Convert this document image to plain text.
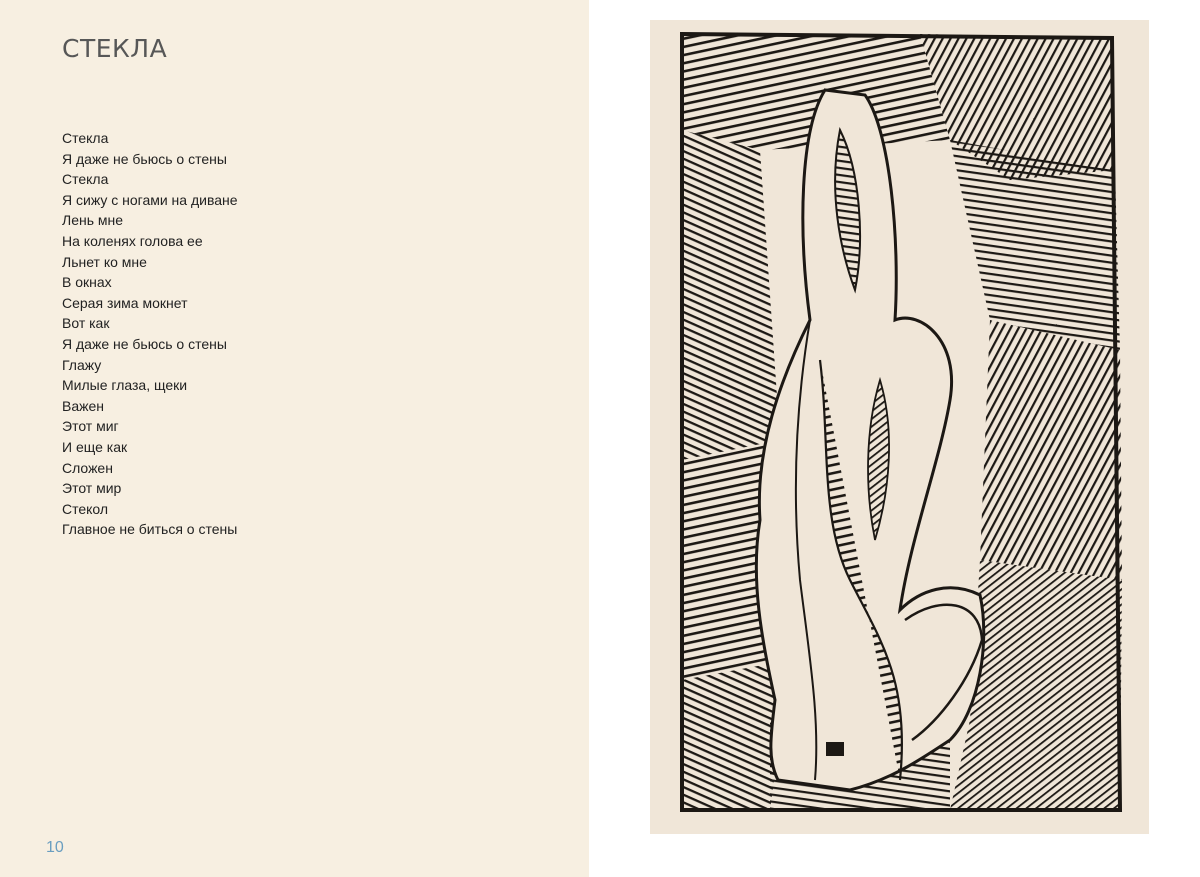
СТЕКЛА
Стекла
Я даже не бьюсь о стены
Стекла
Я сижу с ногами на диване
Лень мне
На коленях голова ее
Льнет ко мне
В окнах
Серая зима мокнет
Вот как
Я даже не бьюсь о стены
Глажу
Милые глаза, щеки
Важен
Этот миг
И еще как
Сложен
Этот мир
Стекол
Главное не биться о стены
10
